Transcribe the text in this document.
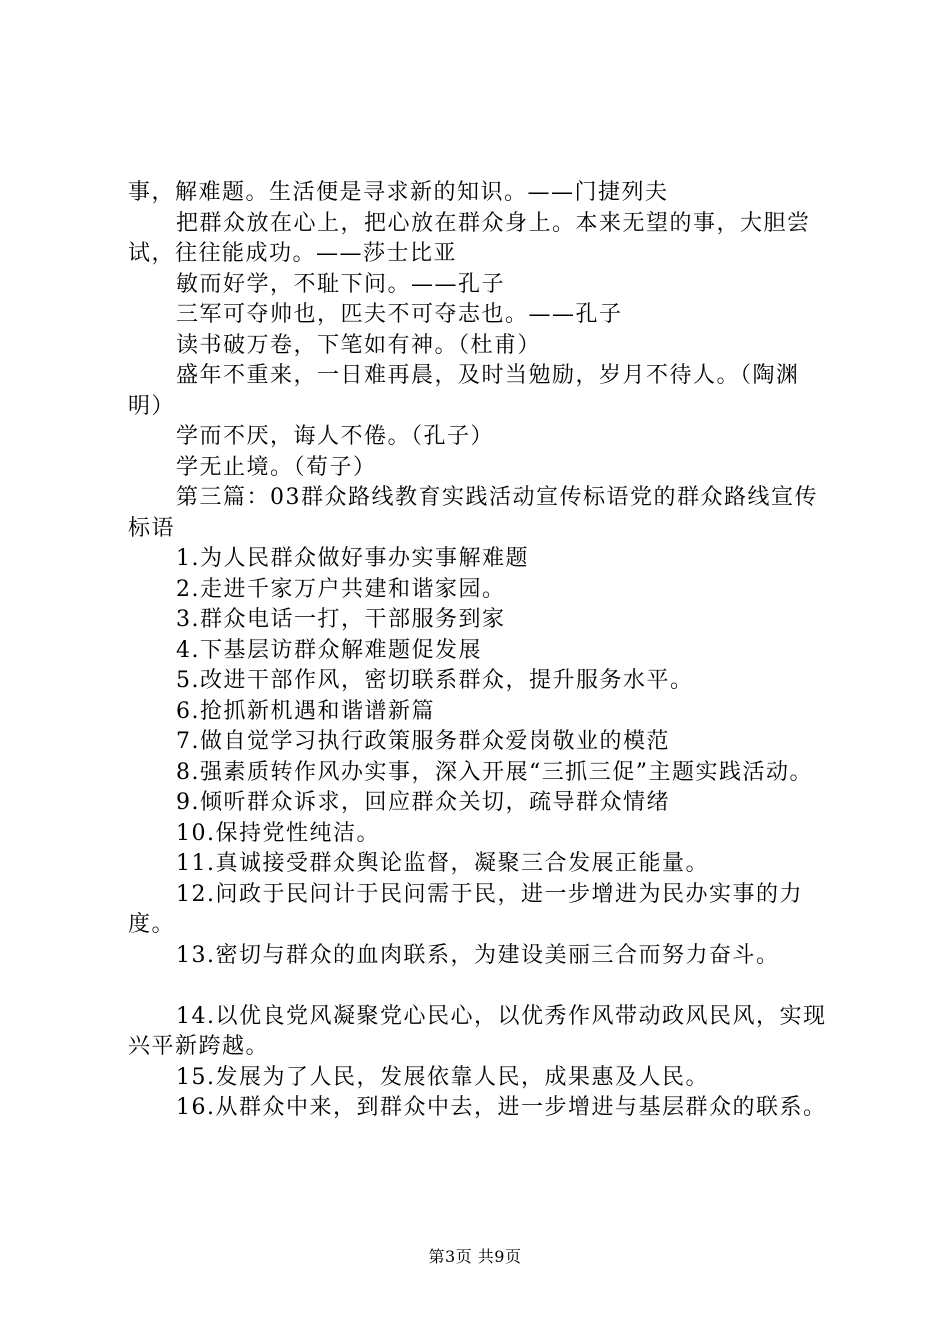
事，解难题。生活便是寻求新的知识。——门捷列夫

把群众放在心上，把心放在群众身上。本来无望的事，大胆尝试，往往能成功。——莎士比亚

敏而好学，不耻下问。——孔子

三军可夺帅也，匹夫不可夺志也。——孔子

读书破万卷，下笔如有神。（杜甫）

盛年不重来，一日难再晨，及时当勉励，岁月不待人。（陶渊明）

学而不厌，诲人不倦。（孔子）

学无止境。（荀子）

第三篇：03群众路线教育实践活动宣传标语党的群众路线宣传标语

1.为人民群众做好事办实事解难题

2.走进千家万户共建和谐家园。

3.群众电话一打，干部服务到家

4.下基层访群众解难题促发展

5.改进干部作风，密切联系群众，提升服务水平。

6.抢抓新机遇和谐谱新篇

7.做自觉学习执行政策服务群众爱岗敬业的模范

8.强素质转作风办实事，深入开展“三抓三促”主题实践活动。

9.倾听群众诉求，回应群众关切，疏导群众情绪

10.保持党性纯洁。

11.真诚接受群众舆论监督，凝聚三合发展正能量。

12.问政于民问计于民问需于民，进一步增进为民办实事的力度。

13.密切与群众的血肉联系，为建设美丽三合而努力奋斗。

14.以优良党风凝聚党心民心，以优秀作风带动政风民风，实现兴平新跨越。

15.发展为了人民，发展依靠人民，成果惠及人民。

16.从群众中来，到群众中去，进一步增进与基层群众的联系。

第3页 共9页
